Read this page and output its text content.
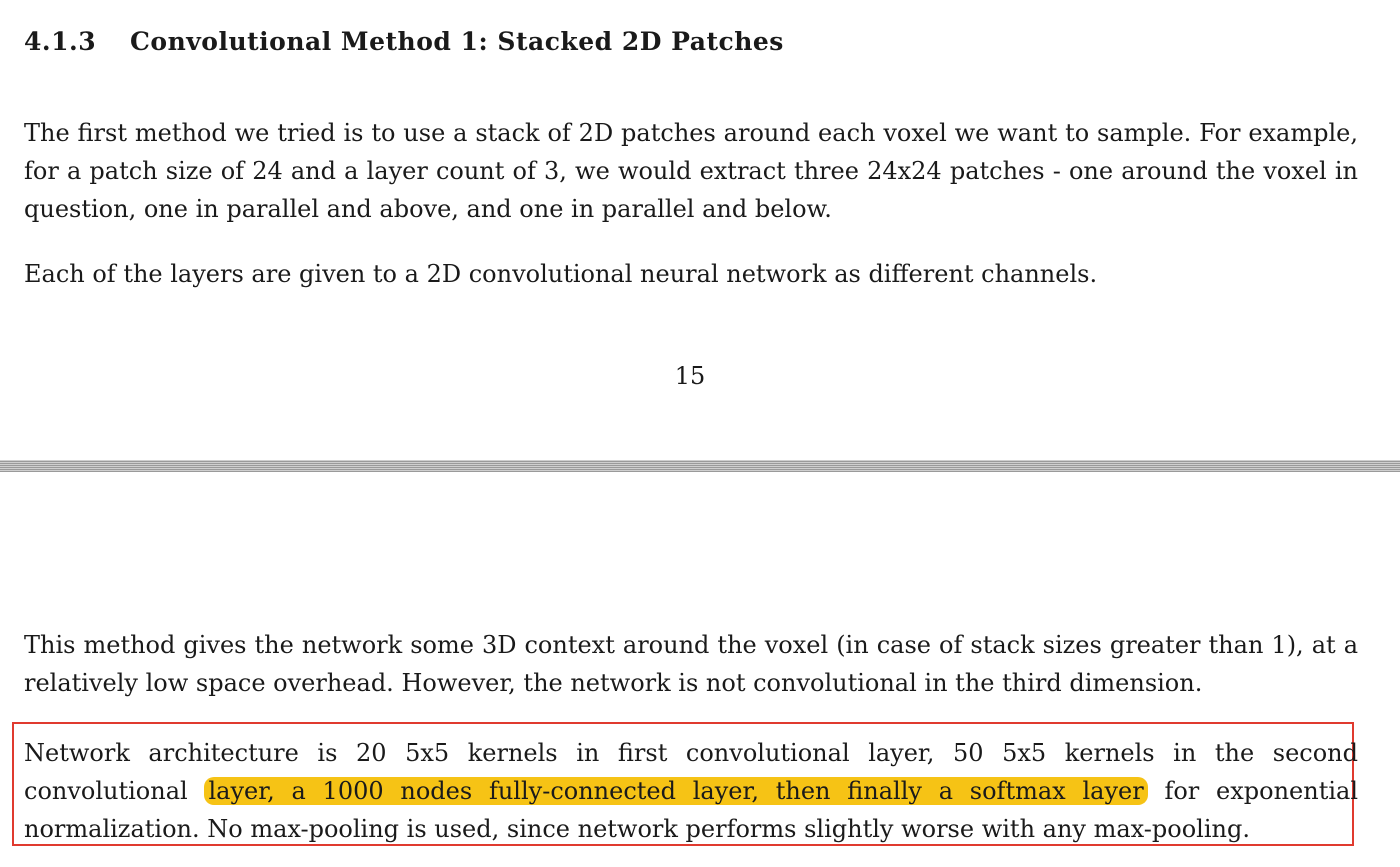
4.1.3 Convolutional Method 1: Stacked 2D Patches

The first method we tried is to use a stack of 2D patches around each voxel we want to sample. For example, for a patch size of 24 and a layer count of 3, we would extract three 24x24 patches - one around the voxel in question, one in parallel and above, and one in parallel and below.

Each of the layers are given to a 2D convolutional neural network as different channels.

15

This method gives the network some 3D context around the voxel (in case of stack sizes greater than 1), at a relatively low space overhead. However, the network is not convolutional in the third dimension.

Network architecture is 20 5x5 kernels in first convolutional layer, 50 5x5 kernels in the second convolutional layer, a 1000 nodes fully-connected layer, then finally a softmax layer for exponential normalization. No max-pooling is used, since network performs slightly worse with any max-pooling.
